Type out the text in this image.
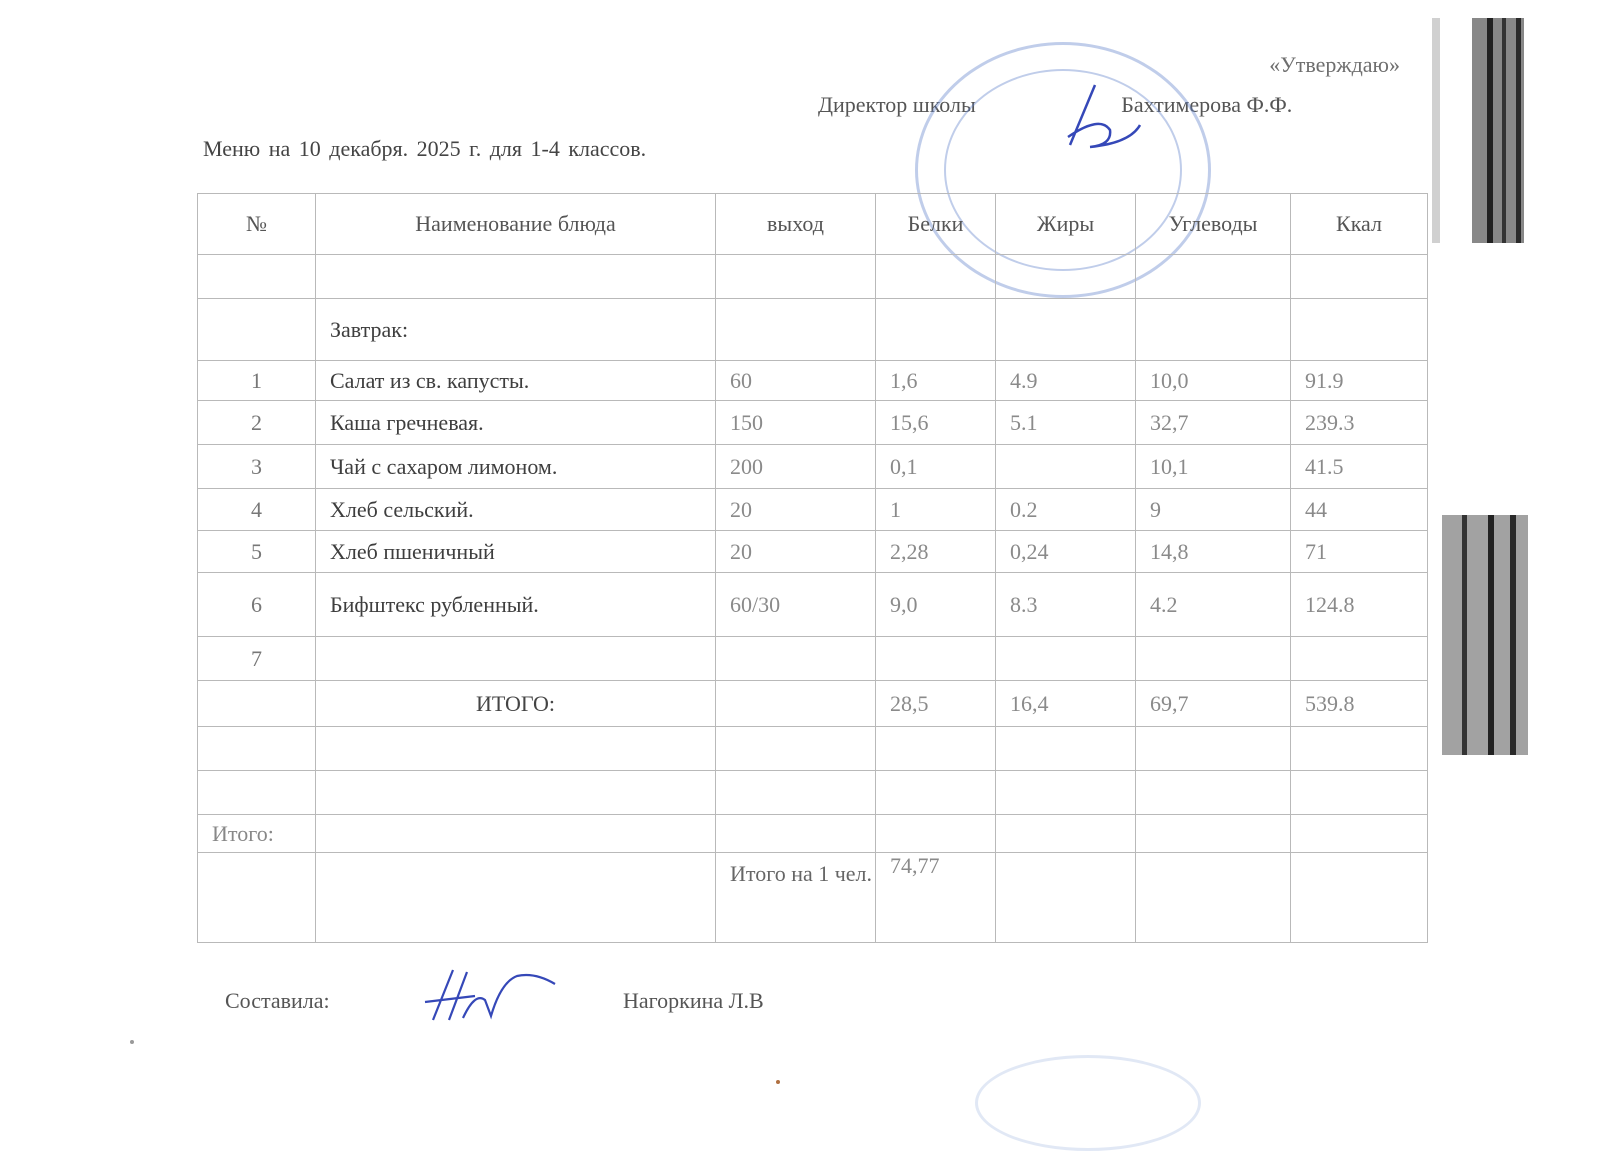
«Утверждаю»
Директор школы	Бахтимерова Ф.Ф.
Меню на 10 декабря. 2025 г. для 1-4 классов.
№	Наименование блюда	выход	Белки	Жиры	Углеводы	Ккал

	Завтрак:					
1	Салат из св. капусты.	60	1,6	4.9	10,0	91.9
2	Каша гречневая.	150	15,6	5.1	32,7	239.3
3	Чай с сахаром лимоном.	200	0,1		10,1	41.5
4	Хлеб сельский.	20	1	0.2	9	44
5	Хлеб пшеничный	20	2,28	0,24	14,8	71
6	Бифштекс рубленный.	60/30	9,0	8.3	4.2	124.8
7						
	ИТОГО:		28,5	16,4	69,7	539.8

Итого:						
		Итого на 1 чел.	74,77			
Составила:	Нагоркина Л.В
